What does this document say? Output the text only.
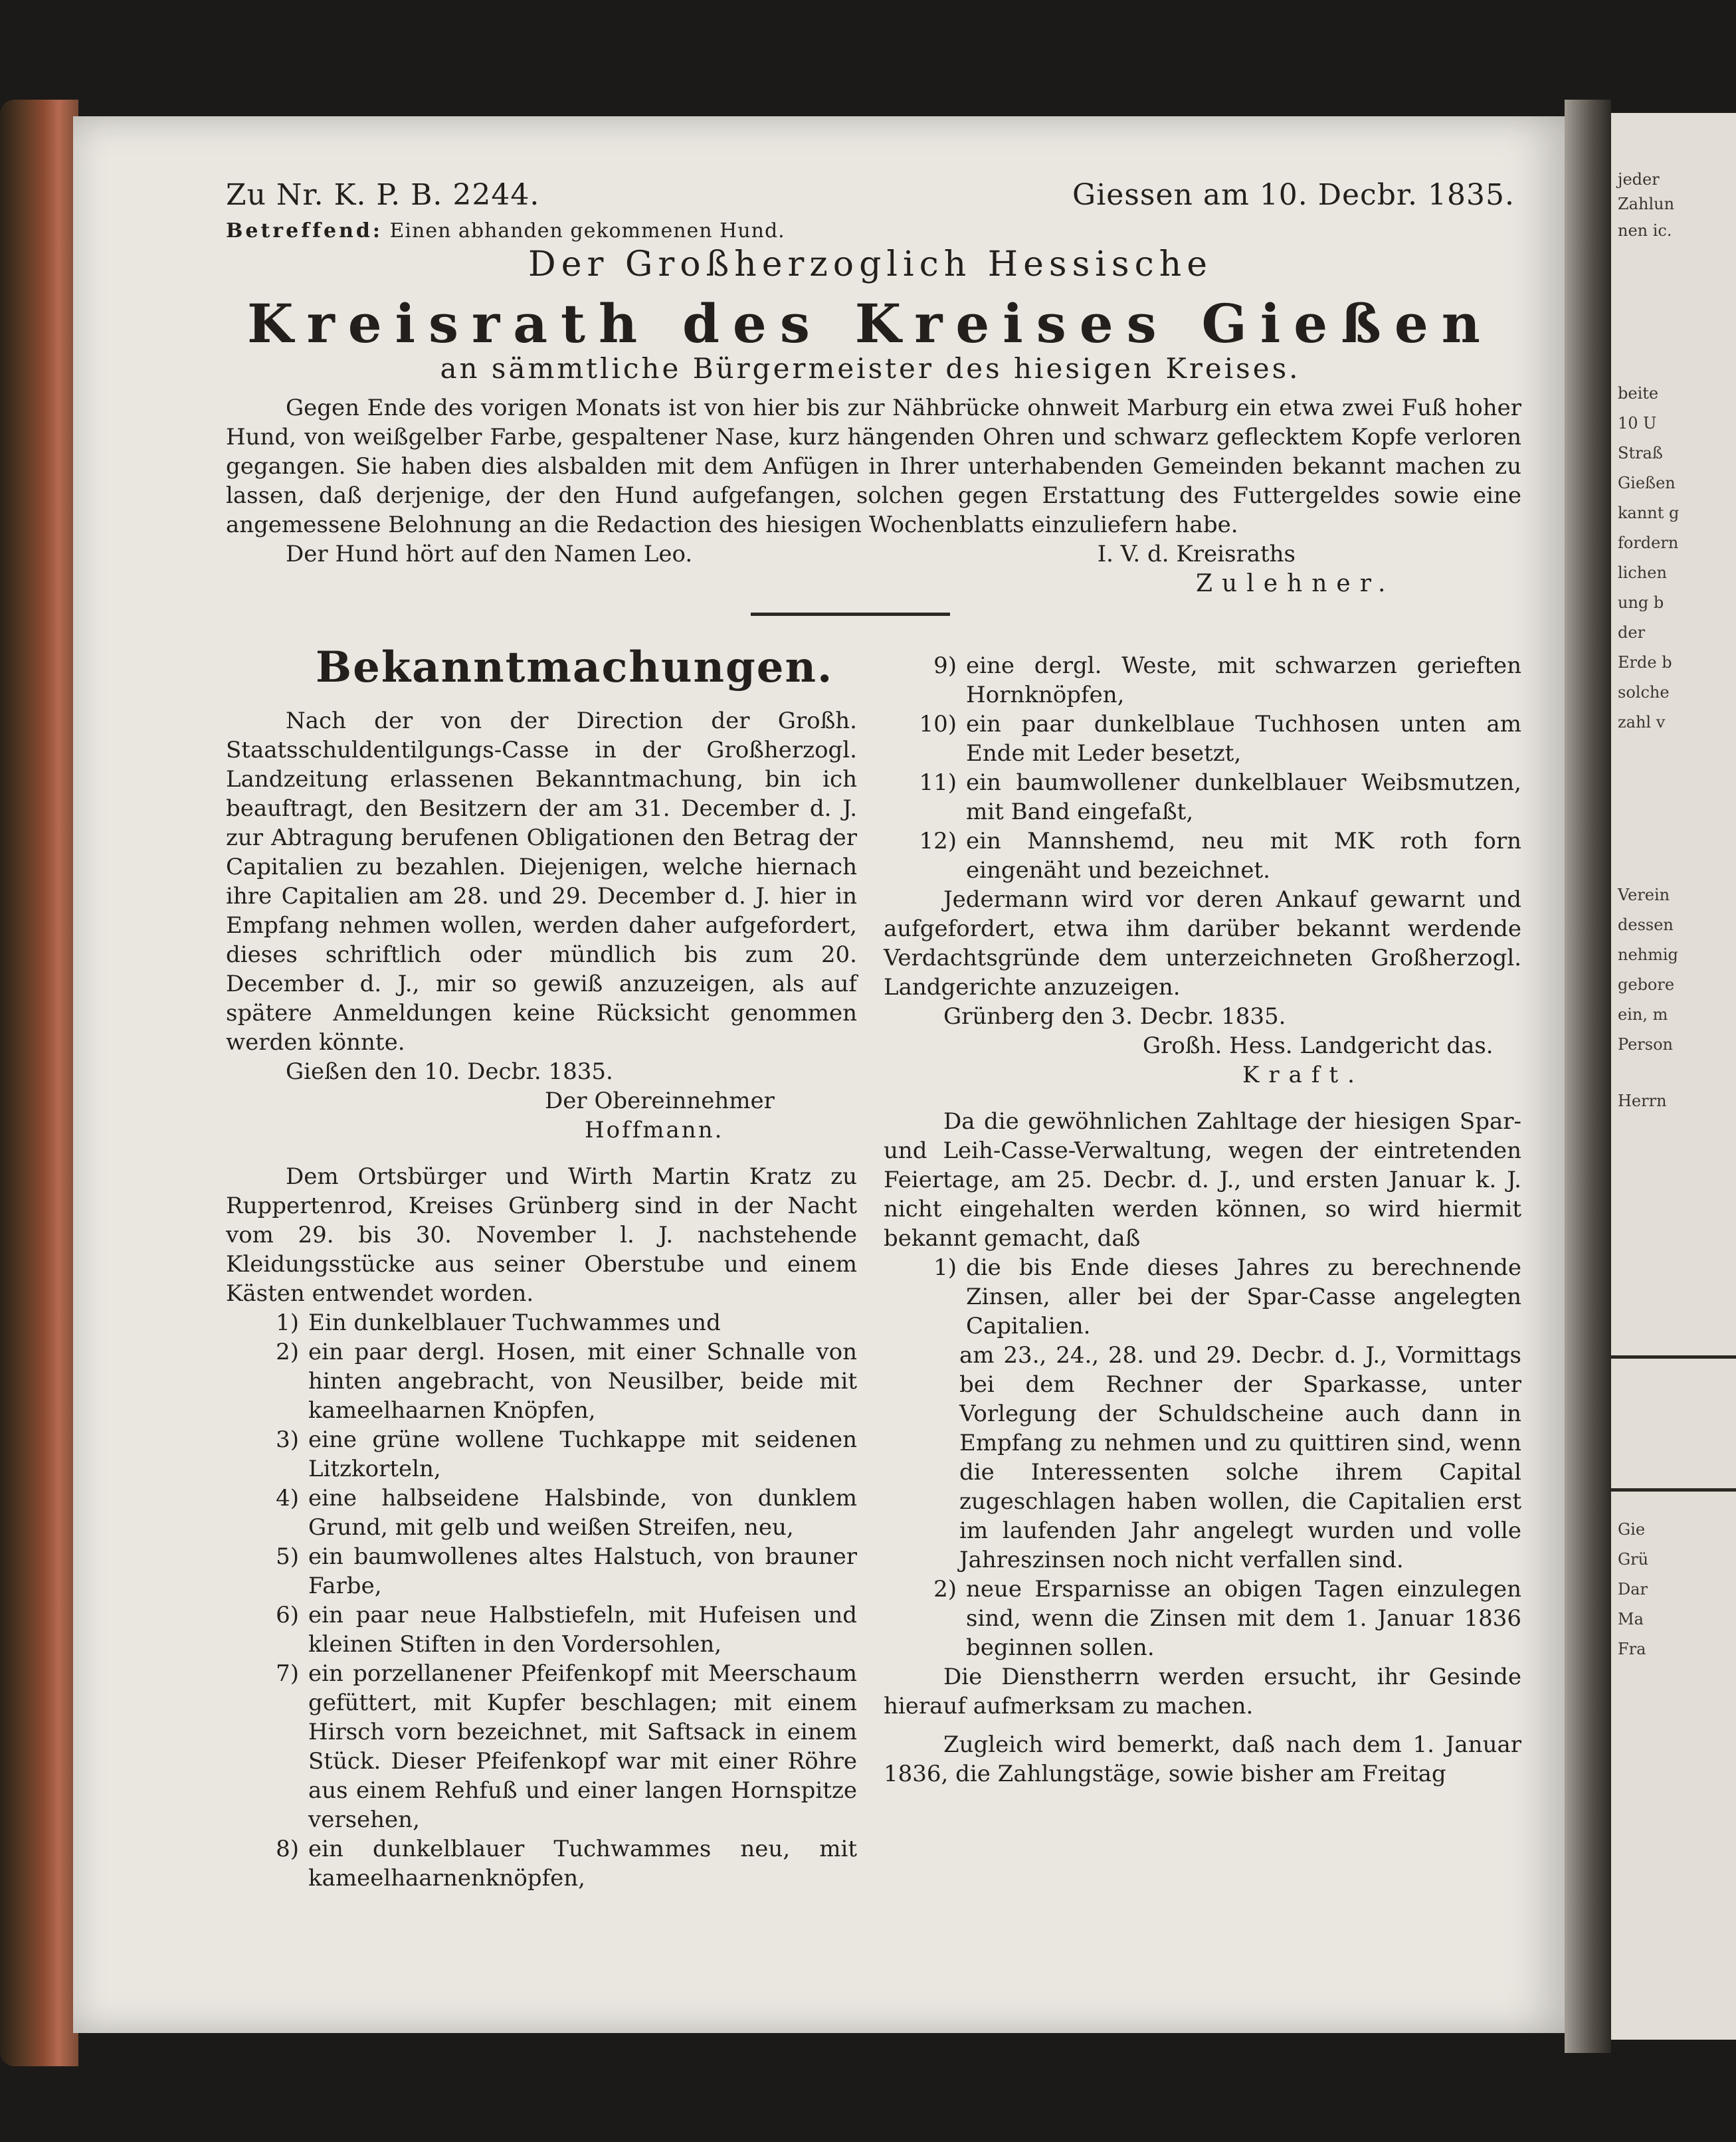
jeder
Zahlun
nen ic.
beite
10 U
Straß
Gießen
kannt g
fordern
lichen
ung b
der
Erde b
solche
zahl v
Verein
dessen
nehmig
gebore
ein, m
Person
Herrn
Gie
Grü
Dar
Ma
Fra
Zu Nr. K. P. B. 2244.	Giessen am 10. Decbr. 1835.
Betreffend: Einen abhanden gekommenen Hund.
Der Großherzoglich Hessische
Kreisrath des Kreises Gießen
an sämmtliche Bürgermeister des hiesigen Kreises.

Gegen Ende des vorigen Monats ist von hier bis zur Nähbrücke ohnweit Marburg ein etwa zwei Fuß hoher Hund, von weißgelber Farbe, gespaltener Nase, kurz hängenden Ohren und schwarz geflecktem Kopfe verloren gegangen. Sie haben dies alsbalden mit dem Anfügen in Ihrer unterhabenden Gemeinden bekannt machen zu lassen, daß derjenige, der den Hund aufgefangen, solchen gegen Erstattung des Futtergeldes sowie eine angemessene Belohnung an die Redaction des hiesigen Wochenblatts einzuliefern habe.

Der Hund hört auf den Namen Leo.	I. V. d. Kreisraths
Zulehner.
Bekanntmachungen.

Nach der von der Direction der Großh. Staatsschuldentilgungs-Casse in der Großherzogl. Landzeitung erlassenen Bekanntmachung, bin ich beauftragt, den Besitzern der am 31. December d. J. zur Abtragung berufenen Obligationen den Betrag der Capitalien zu bezahlen. Diejenigen, welche hiernach ihre Capitalien am 28. und 29. December d. J. hier in Empfang nehmen wollen, werden daher aufgefordert, dieses schriftlich oder mündlich bis zum 20. December d. J., mir so gewiß anzuzeigen, als auf spätere Anmeldungen keine Rücksicht genommen werden könnte.

Gießen den 10. Decbr. 1835.

Der Obereinnehmer

Hoffmann.

Dem Ortsbürger und Wirth Martin Kratz zu Ruppertenrod, Kreises Grünberg sind in der Nacht vom 29. bis 30. November l. J. nachstehende Kleidungsstücke aus seiner Oberstube und einem Kästen entwendet worden.

1) Ein dunkelblauer Tuchwammes und
2) ein paar dergl. Hosen, mit einer Schnalle von hinten angebracht, von Neusilber, beide mit kameelhaarnen Knöpfen,
3) eine grüne wollene Tuchkappe mit seidenen Litzkorteln,
4) eine halbseidene Halsbinde, von dunklem Grund, mit gelb und weißen Streifen, neu,
5) ein baumwollenes altes Halstuch, von brauner Farbe,
6) ein paar neue Halbstiefeln, mit Hufeisen und kleinen Stiften in den Vordersohlen,
7) ein porzellanener Pfeifenkopf mit Meerschaum gefüttert, mit Kupfer beschlagen; mit einem Hirsch vorn bezeichnet, mit Saftsack in einem Stück. Dieser Pfeifenkopf war mit einer Röhre aus einem Rehfuß und einer langen Hornspitze versehen,
8) ein dunkelblauer Tuchwammes neu, mit kameelhaarnenknöpfen,
9) eine dergl. Weste, mit schwarzen gerieften Hornknöpfen,
10) ein paar dunkelblaue Tuchhosen unten am Ende mit Leder besetzt,
11) ein baumwollener dunkelblauer Weibsmutzen, mit Band eingefaßt,
12) ein Mannshemd, neu mit MK roth forn eingenäht und bezeichnet.

Jedermann wird vor deren Ankauf gewarnt und aufgefordert, etwa ihm darüber bekannt werdende Verdachtsgründe dem unterzeichneten Großherzogl. Landgerichte anzuzeigen.

Grünberg den 3. Decbr. 1835.

Großh. Hess. Landgericht das.

Kraft.

Da die gewöhnlichen Zahltage der hiesigen Spar- und Leih-Casse-Verwaltung, wegen der eintretenden Feiertage, am 25. Decbr. d. J., und ersten Januar k. J. nicht eingehalten werden können, so wird hiermit bekannt gemacht, daß

1) die bis Ende dieses Jahres zu berechnende Zinsen, aller bei der Spar-Casse angelegten Capitalien.

am 23., 24., 28. und 29. Decbr. d. J., Vormittags bei dem Rechner der Sparkasse, unter Vorlegung der Schuldscheine auch dann in Empfang zu nehmen und zu quittiren sind, wenn die Interessenten solche ihrem Capital zugeschlagen haben wollen, die Capitalien erst im laufenden Jahr angelegt wurden und volle Jahreszinsen noch nicht verfallen sind.

2) neue Ersparnisse an obigen Tagen einzulegen sind, wenn die Zinsen mit dem 1. Januar 1836 beginnen sollen.

Die Dienstherrn werden ersucht, ihr Gesinde hierauf aufmerksam zu machen.

Zugleich wird bemerkt, daß nach dem 1. Januar 1836, die Zahlungstäge, sowie bisher am Freitag
